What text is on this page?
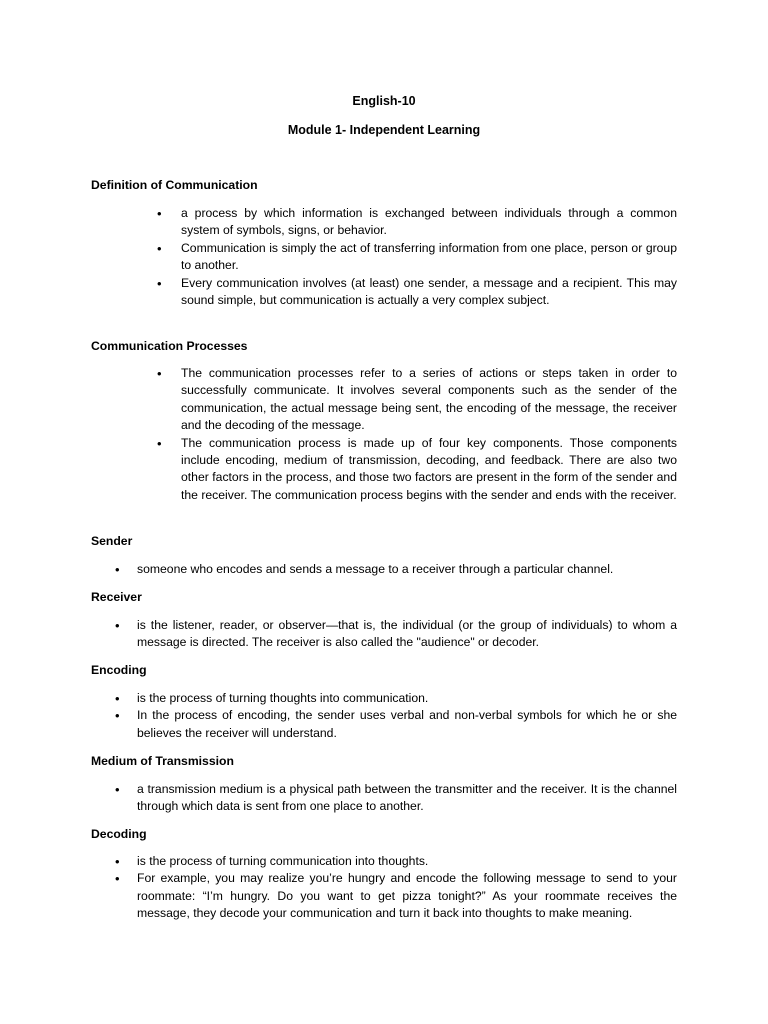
English-10
Module 1- Independent Learning
Definition of Communication
• a process by which information is exchanged between individuals through a common system of symbols, signs, or behavior.
• Communication is simply the act of transferring information from one place, person or group to another.
• Every communication involves (at least) one sender, a message and a recipient. This may sound simple, but communication is actually a very complex subject.
Communication Processes
• The communication processes refer to a series of actions or steps taken in order to successfully communicate. It involves several components such as the sender of the communication, the actual message being sent, the encoding of the message, the receiver and the decoding of the message.
• The communication process is made up of four key components. Those components include encoding, medium of transmission, decoding, and feedback. There are also two other factors in the process, and those two factors are present in the form of the sender and the receiver. The communication process begins with the sender and ends with the receiver.
Sender
• someone who encodes and sends a message to a receiver through a particular channel.
Receiver
• is the listener, reader, or observer—that is, the individual (or the group of individuals) to whom a message is directed. The receiver is also called the "audience" or decoder.
Encoding
• is the process of turning thoughts into communication.
• In the process of encoding, the sender uses verbal and non-verbal symbols for which he or she believes the receiver will understand.
Medium of Transmission
• a transmission medium is a physical path between the transmitter and the receiver. It is the channel through which data is sent from one place to another.
Decoding
• is the process of turning communication into thoughts.
• For example, you may realize you’re hungry and encode the following message to send to your roommate: “I’m hungry. Do you want to get pizza tonight?” As your roommate receives the message, they decode your communication and turn it back into thoughts to make meaning.
